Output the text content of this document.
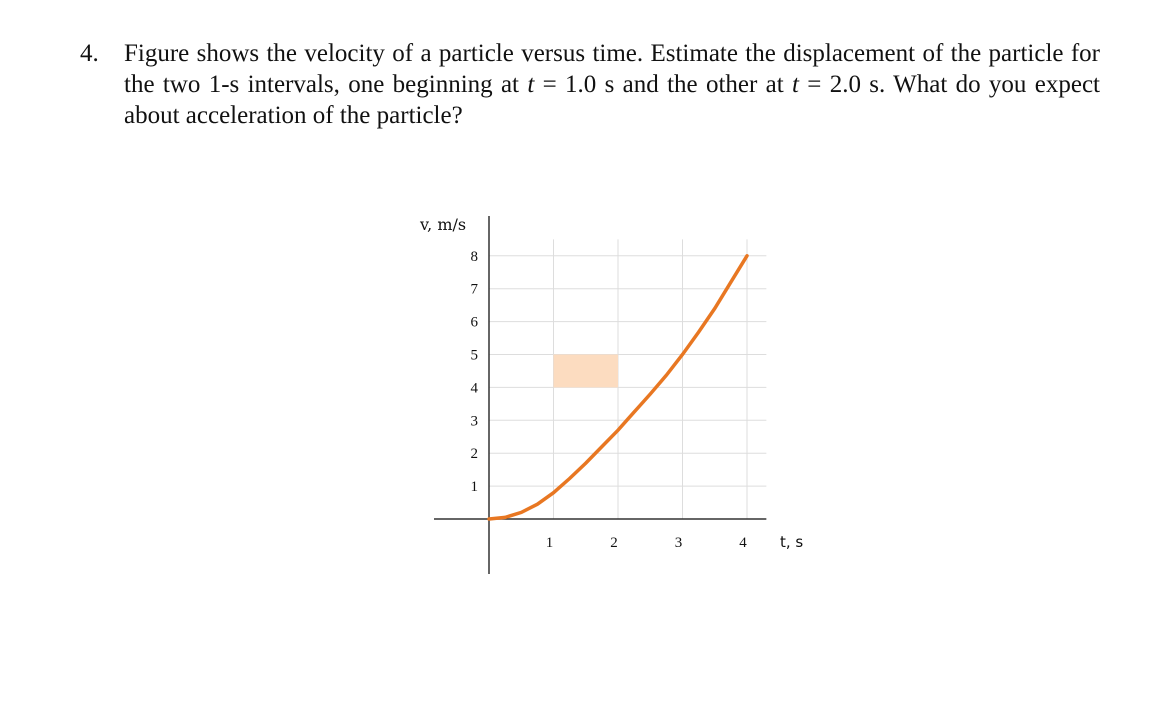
4. Figure shows the velocity of a particle versus time. Estimate the displacement of the particle for the two 1-s intervals, one beginning at t = 1.0 s and the other at t = 2.0 s. What do you expect about acceleration of the particle?
1
2
3
4
5
6
7
8
1	2	3	4
v, m/s
t, s
